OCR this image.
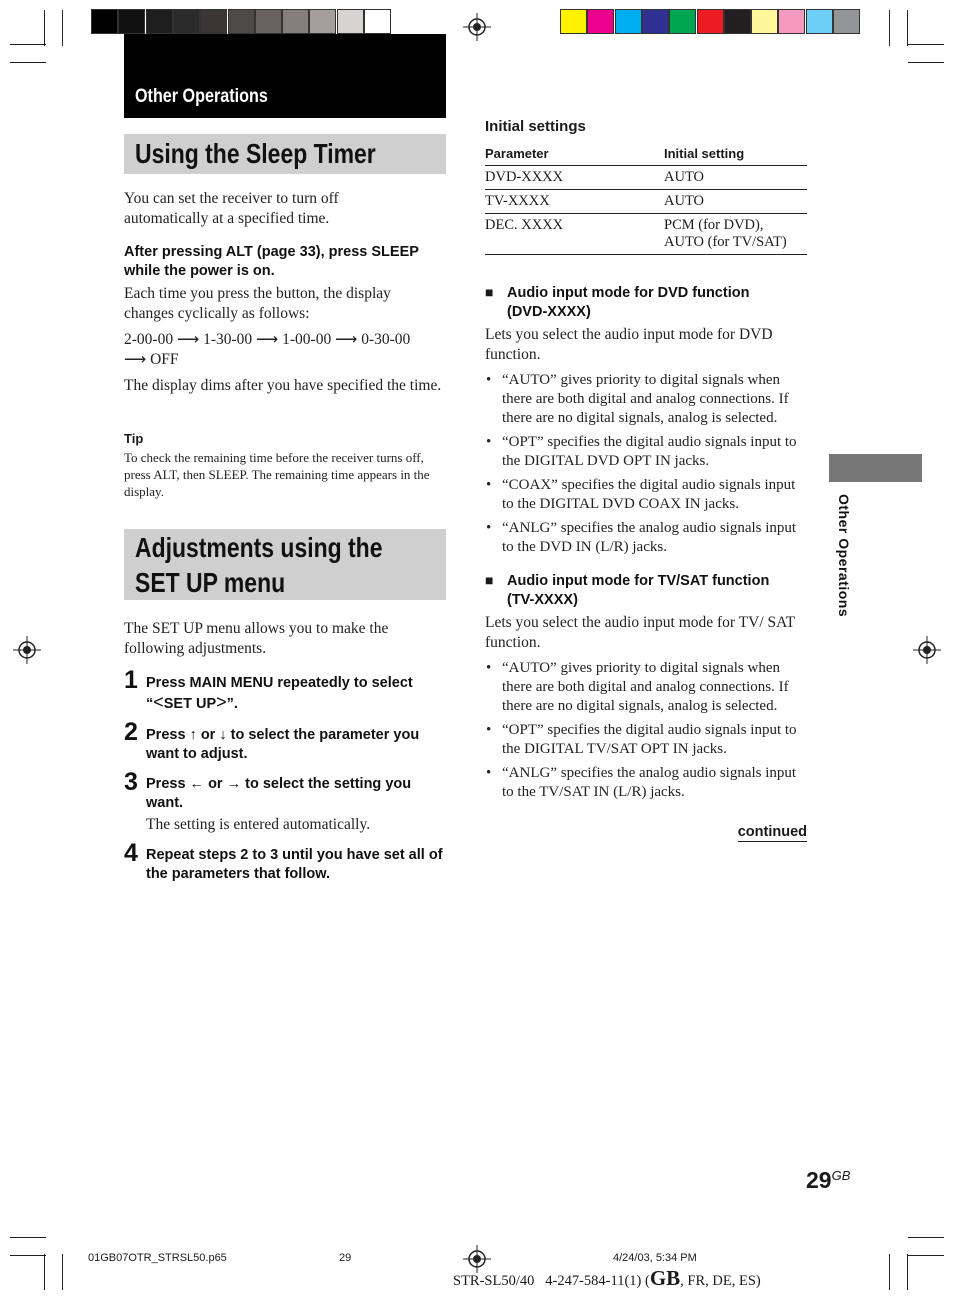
Other Operations
Using the Sleep Timer
You can set the receiver to turn off automatically at a specified time.
After pressing ALT (page 33), press SLEEP while the power is on.
Each time you press the button, the display changes cyclically as follows:
2-00-00 ⟶ 1-30-00 ⟶ 1-00-00 ⟶ 0-30-00
⟶ OFF
The display dims after you have specified the time.
Tip
To check the remaining time before the receiver turns off, press ALT, then SLEEP. The remaining time appears in the display.
Adjustments using the
SET UP menu
The SET UP menu allows you to make the following adjustments.
1 Press MAIN MENU repeatedly to select
“<SET UP>”.
2 Press ↑ or ↓ to select the parameter you want to adjust.
3 Press ← or → to select the setting you want.
The setting is entered automatically.
4 Repeat steps 2 to 3 until you have set all of the parameters that follow.
Initial settings
Parameter	Initial setting
DVD-XXXX	AUTO
TV-XXXX	AUTO
DEC. XXXX	PCM (for DVD),
AUTO (for TV/SAT)
■ Audio input mode for DVD function
(DVD-XXXX)
Lets you select the audio input mode for DVD function.
• “AUTO” gives priority to digital signals when there are both digital and analog connections. If there are no digital signals, analog is selected.
• “OPT” specifies the digital audio signals input to the DIGITAL DVD OPT IN jacks.
• “COAX” specifies the digital audio signals input to the DIGITAL DVD COAX IN jacks.
• “ANLG” specifies the analog audio signals input to the DVD IN (L/R) jacks.
■ Audio input mode for TV/SAT function
(TV-XXXX)
Lets you select the audio input mode for TV/ SAT function.
• “AUTO” gives priority to digital signals when there are both digital and analog connections. If there are no digital signals, analog is selected.
• “OPT” specifies the digital audio signals input to the DIGITAL TV/SAT OPT IN jacks.
• “ANLG” specifies the analog audio signals input to the TV/SAT IN (L/R) jacks.
continued
Other Operations
$29^{GB}$
01GB07OTR_STRSL50.p65	29	4/24/03, 5:34 PM
STR-SL50/40   4-247-584-11(1) (GB, FR, DE, ES)
